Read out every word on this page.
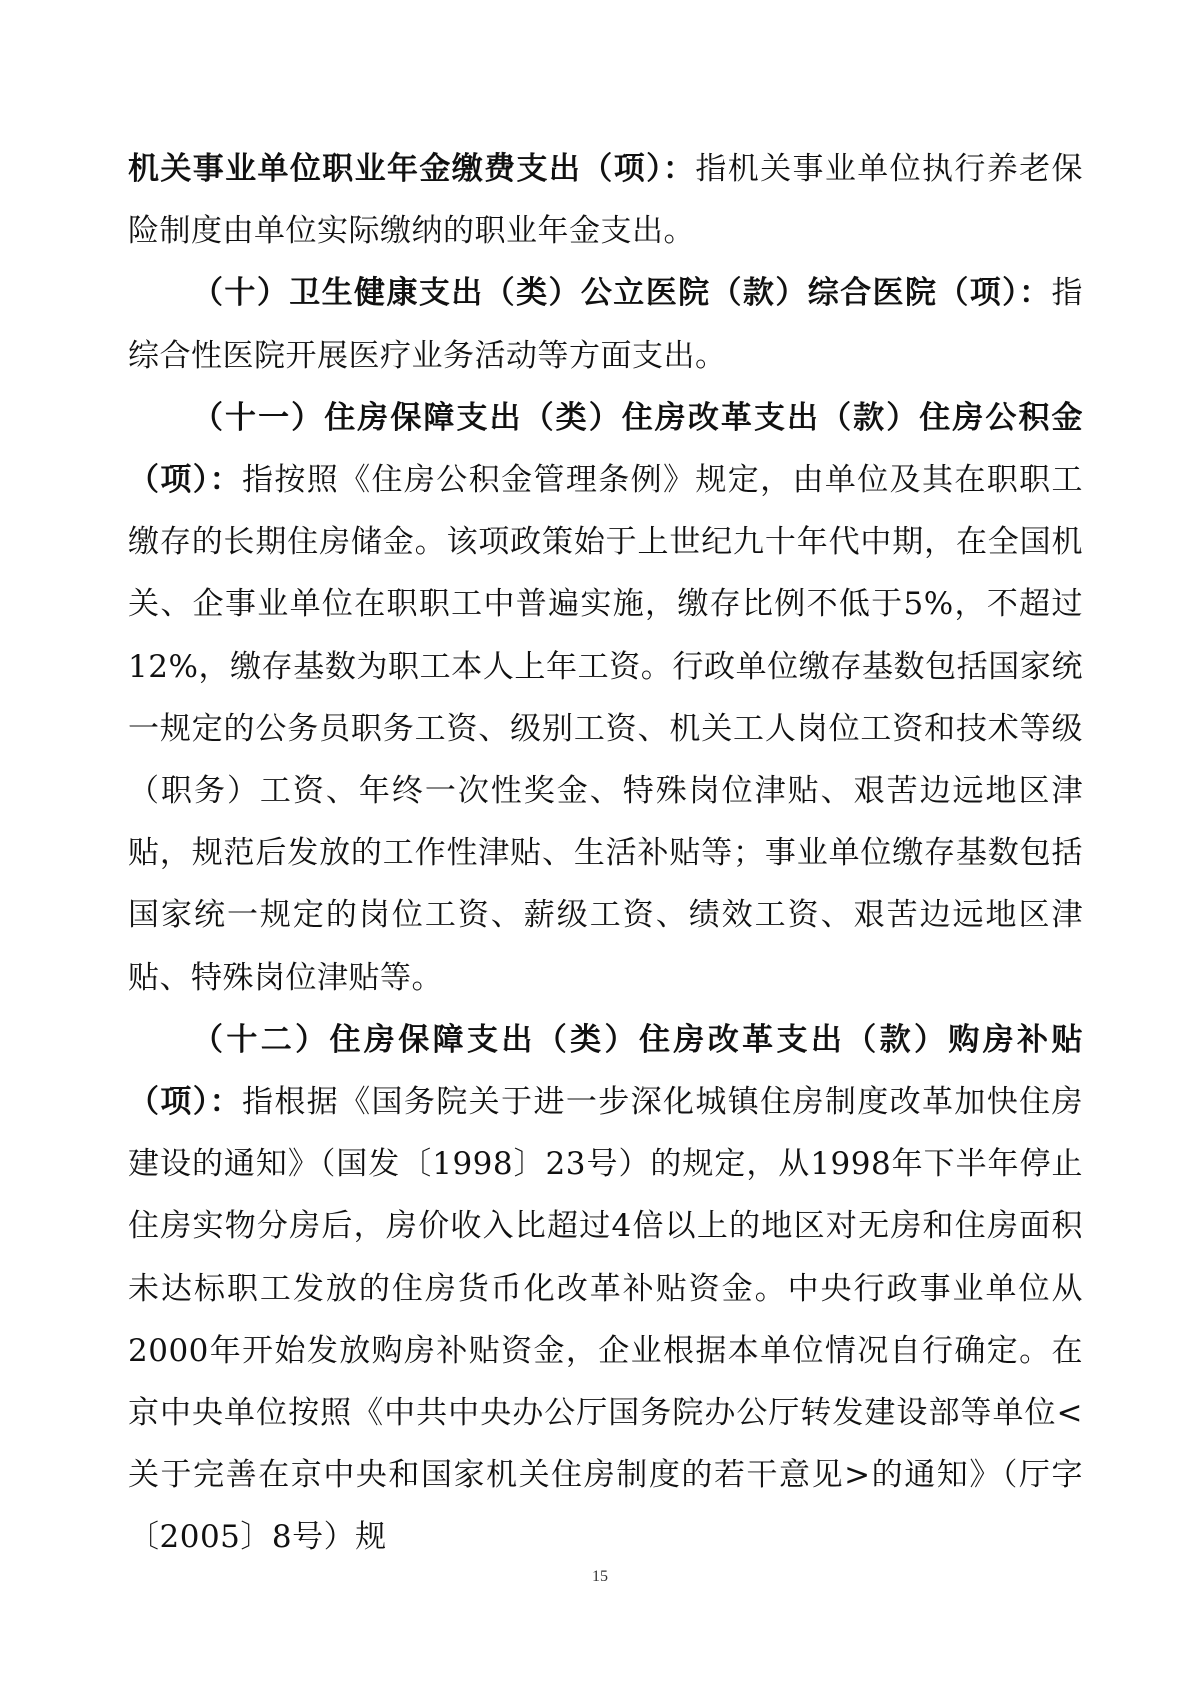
机关事业单位职业年金缴费支出（项）：指机关事业单位执行养老保险制度由单位实际缴纳的职业年金支出。

（十）卫生健康支出（类）公立医院（款）综合医院（项）：指综合性医院开展医疗业务活动等方面支出。

（十一）住房保障支出（类）住房改革支出（款）住房公积金（项）：指按照《住房公积金管理条例》规定，由单位及其在职职工缴存的长期住房储金。该项政策始于上世纪九十年代中期，在全国机关、企事业单位在职职工中普遍实施，缴存比例不低于5%，不超过12%，缴存基数为职工本人上年工资。行政单位缴存基数包括国家统一规定的公务员职务工资、级别工资、机关工人岗位工资和技术等级（职务）工资、年终一次性奖金、特殊岗位津贴、艰苦边远地区津贴，规范后发放的工作性津贴、生活补贴等；事业单位缴存基数包括国家统一规定的岗位工资、薪级工资、绩效工资、艰苦边远地区津贴、特殊岗位津贴等。

（十二）住房保障支出（类）住房改革支出（款）购房补贴（项）：指根据《国务院关于进一步深化城镇住房制度改革加快住房建设的通知》（国发〔1998〕23号）的规定，从1998年下半年停止住房实物分房后，房价收入比超过4倍以上的地区对无房和住房面积未达标职工发放的住房货币化改革补贴资金。中央行政事业单位从2000年开始发放购房补贴资金，企业根据本单位情况自行确定。在京中央单位按照《中共中央办公厅国务院办公厅转发建设部等单位<关于完善在京中央和国家机关住房制度的若干意见>的通知》（厅字〔2005〕8号）规

15
